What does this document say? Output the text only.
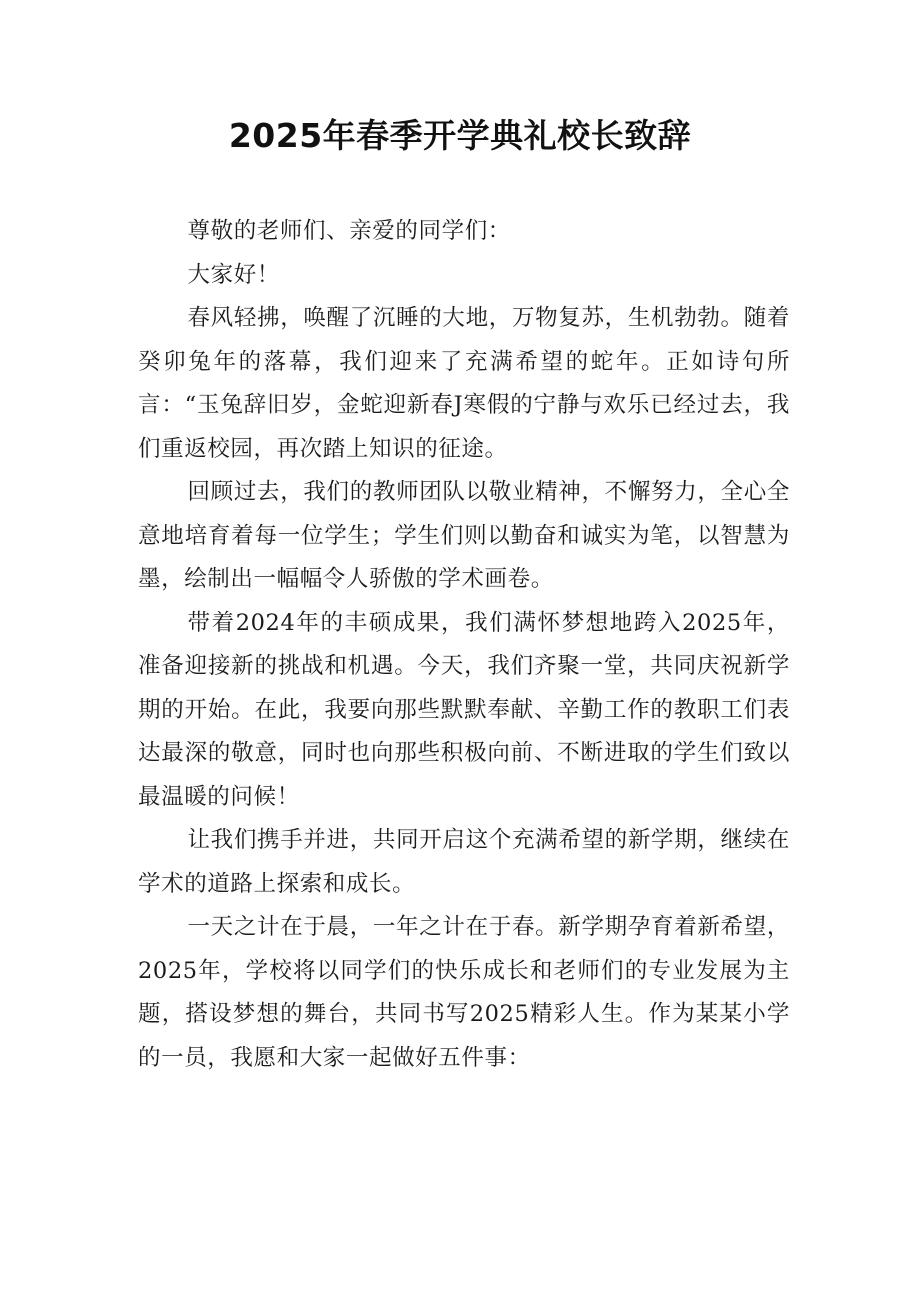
2025年春季开学典礼校长致辞

尊敬的老师们、亲爱的同学们：

大家好！

春风轻拂，唤醒了沉睡的大地，万物复苏，生机勃勃。随着癸卯兔年的落幕，我们迎来了充满希望的蛇年。正如诗句所言：“玉兔辞旧岁，金蛇迎新春J寒假的宁静与欢乐已经过去，我们重返校园，再次踏上知识的征途。

回顾过去，我们的教师团队以敬业精神，不懈努力，全心全意地培育着每一位学生；学生们则以勤奋和诚实为笔，以智慧为墨，绘制出一幅幅令人骄傲的学术画卷。

带着2024年的丰硕成果，我们满怀梦想地跨入2025年，准备迎接新的挑战和机遇。今天，我们齐聚一堂，共同庆祝新学期的开始。在此，我要向那些默默奉献、辛勤工作的教职工们表达最深的敬意，同时也向那些积极向前、不断进取的学生们致以最温暖的问候！

让我们携手并进，共同开启这个充满希望的新学期，继续在学术的道路上探索和成长。

一天之计在于晨，一年之计在于春。新学期孕育着新希望，2025年，学校将以同学们的快乐成长和老师们的专业发展为主题，搭设梦想的舞台，共同书写2025精彩人生。作为某某小学的一员，我愿和大家一起做好五件事：
